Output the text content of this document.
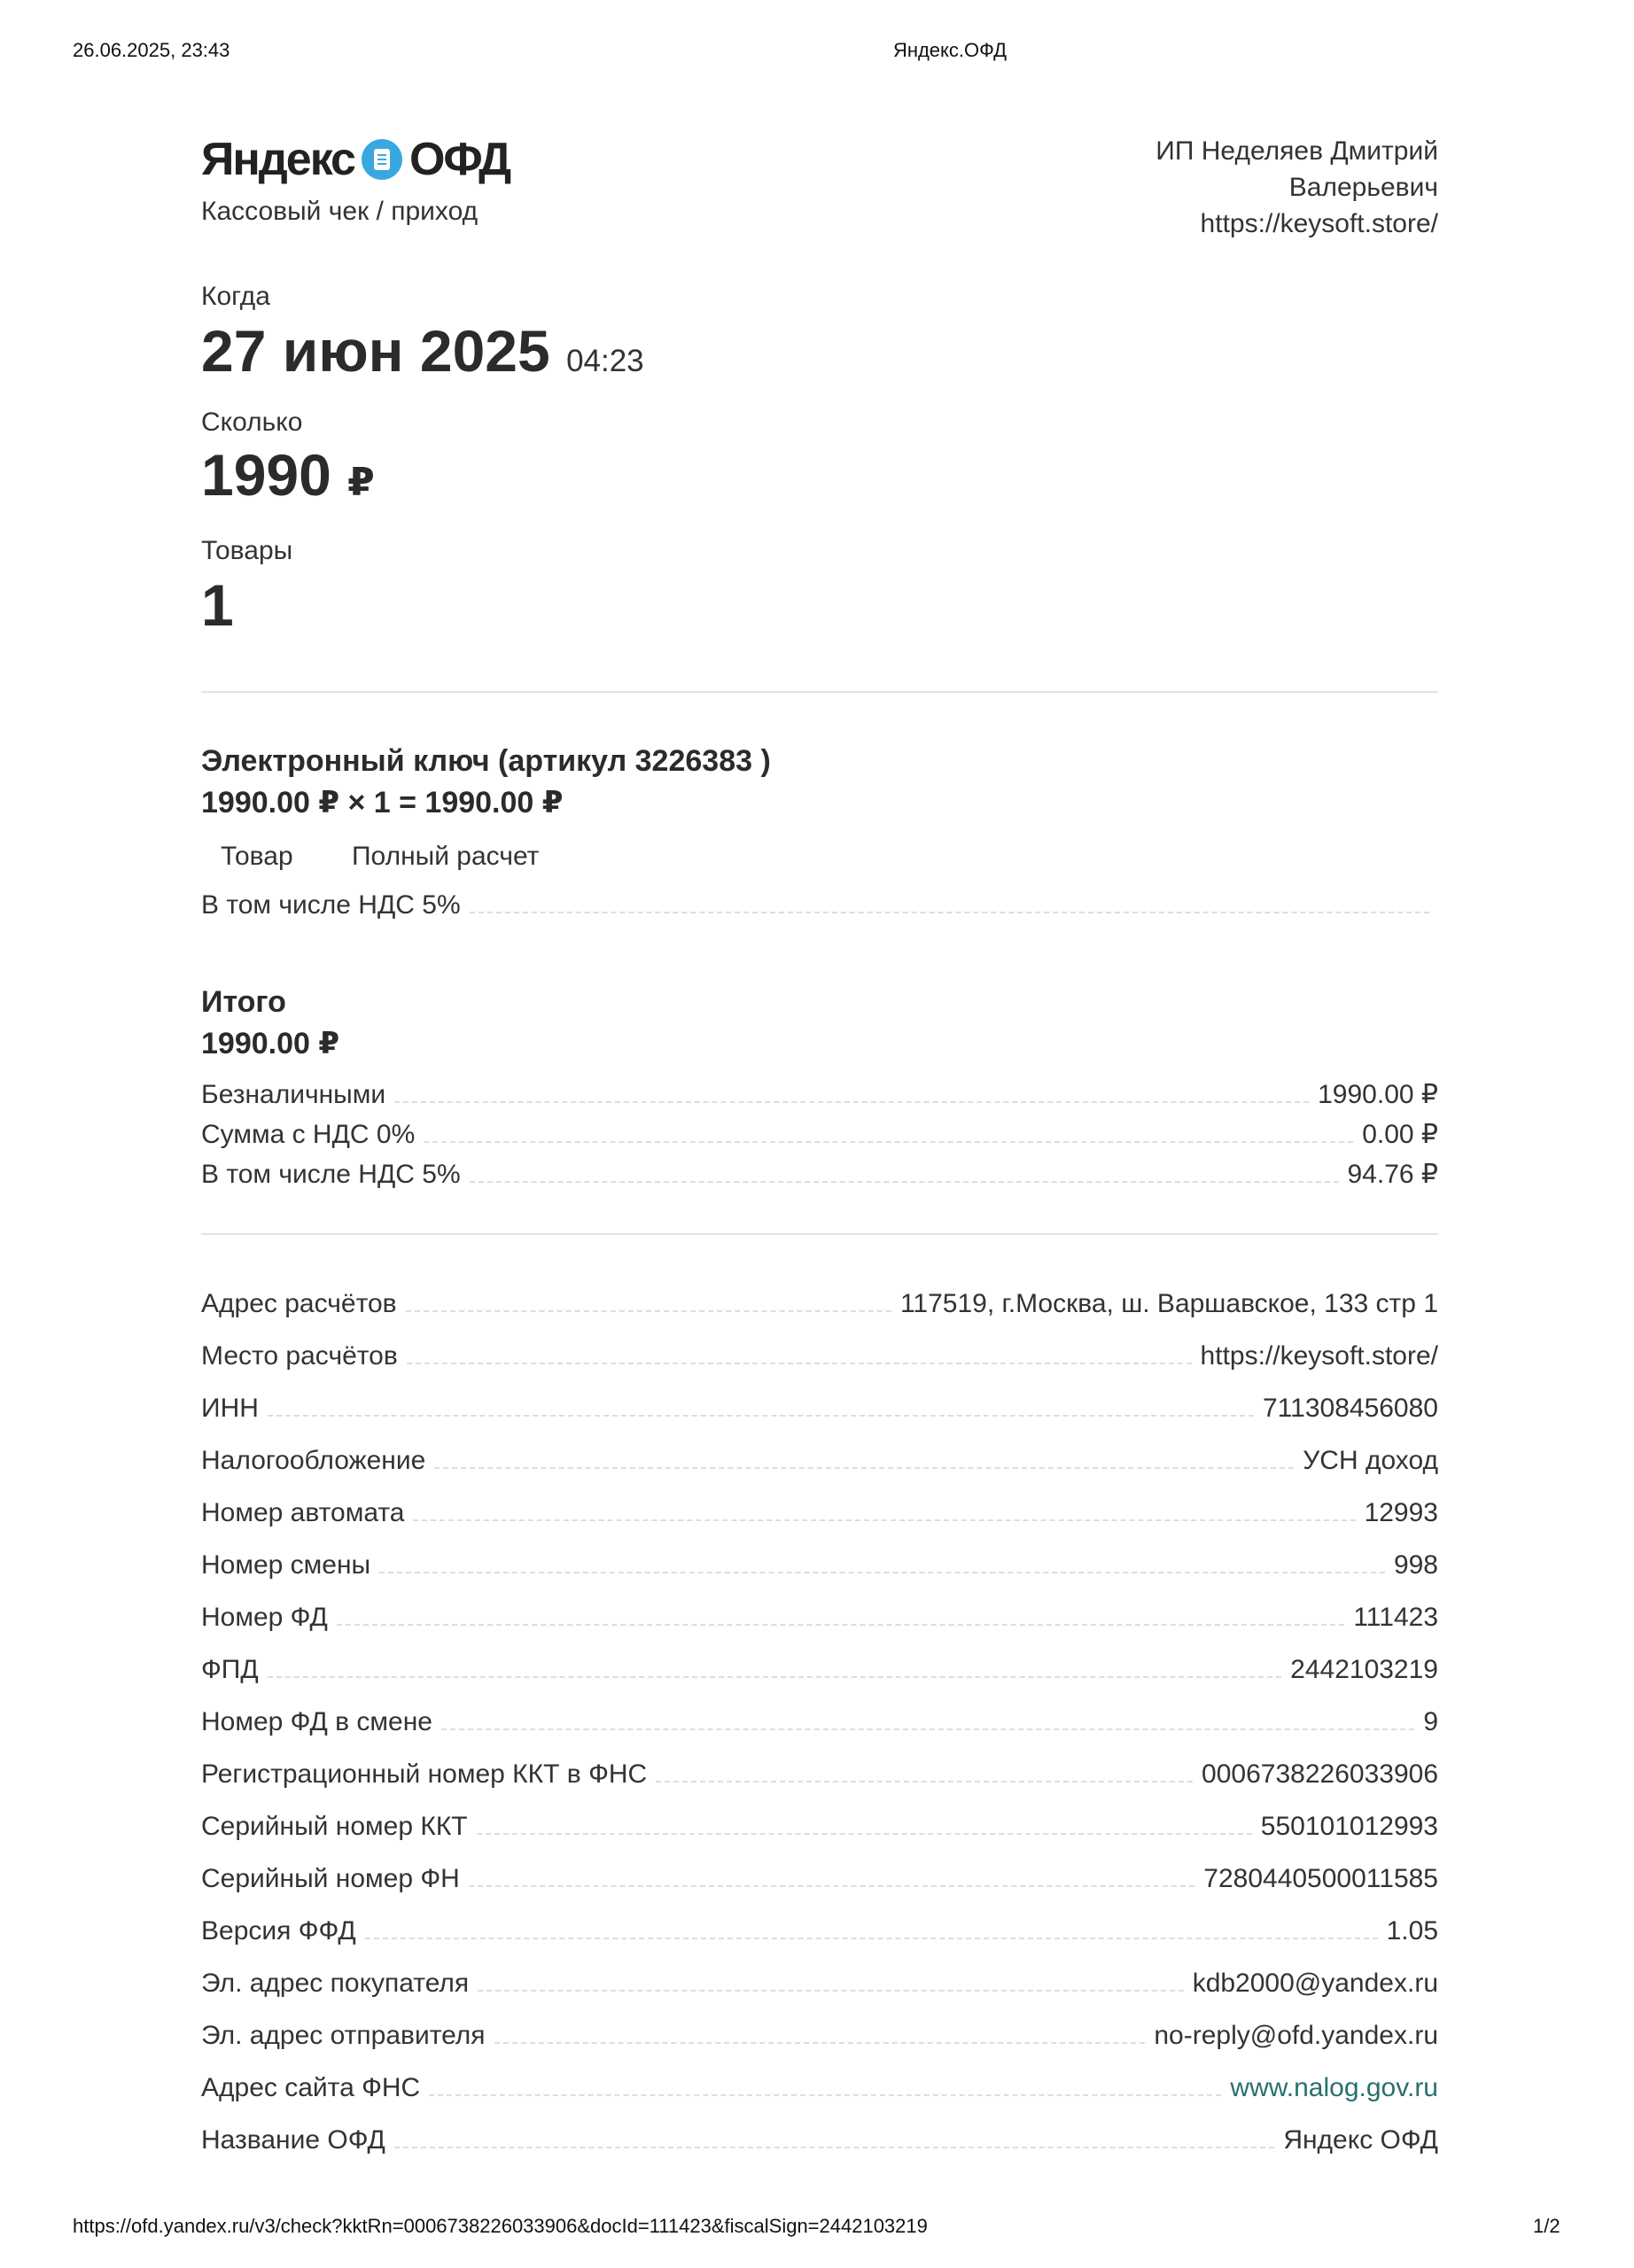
26.06.2025, 23:43	Яндекс.ОФД
Яндекс ОФД
Кассовый чек / приход
ИП Неделяев Дмитрий
Валерьевич
https://keysoft.store/
Когда
27 июн 2025 04:23
Сколько
1990 ₽
Товары
1
Электронный ключ (артикул 3226383 )
1990.00 ₽ × 1 = 1990.00 ₽
Товар Полный расчет
В том числе НДС 5%
Итого
1990.00 ₽
Безналичными	1990.00 ₽
Сумма с НДС 0%	0.00 ₽
В том числе НДС 5%	94.76 ₽
Адрес расчётов	117519, г.Москва, ш. Варшавское, 133 стр 1
Место расчётов	https://keysoft.store/
ИНН	711308456080
Налогообложение	УСН доход
Номер автомата	12993
Номер смены	998
Номер ФД	111423
ФПД	2442103219
Номер ФД в смене	9
Регистрационный номер ККТ в ФНС	0006738226033906
Серийный номер ККТ	550101012993
Серийный номер ФН	7280440500011585
Версия ФФД	1.05
Эл. адрес покупателя	kdb2000@yandex.ru
Эл. адрес отправителя	no-reply@ofd.yandex.ru
Адрес сайта ФНС	www.nalog.gov.ru
Название ОФД	Яндекс ОФД
https://ofd.yandex.ru/v3/check?kktRn=0006738226033906&docId=111423&fiscalSign=2442103219	1/2
